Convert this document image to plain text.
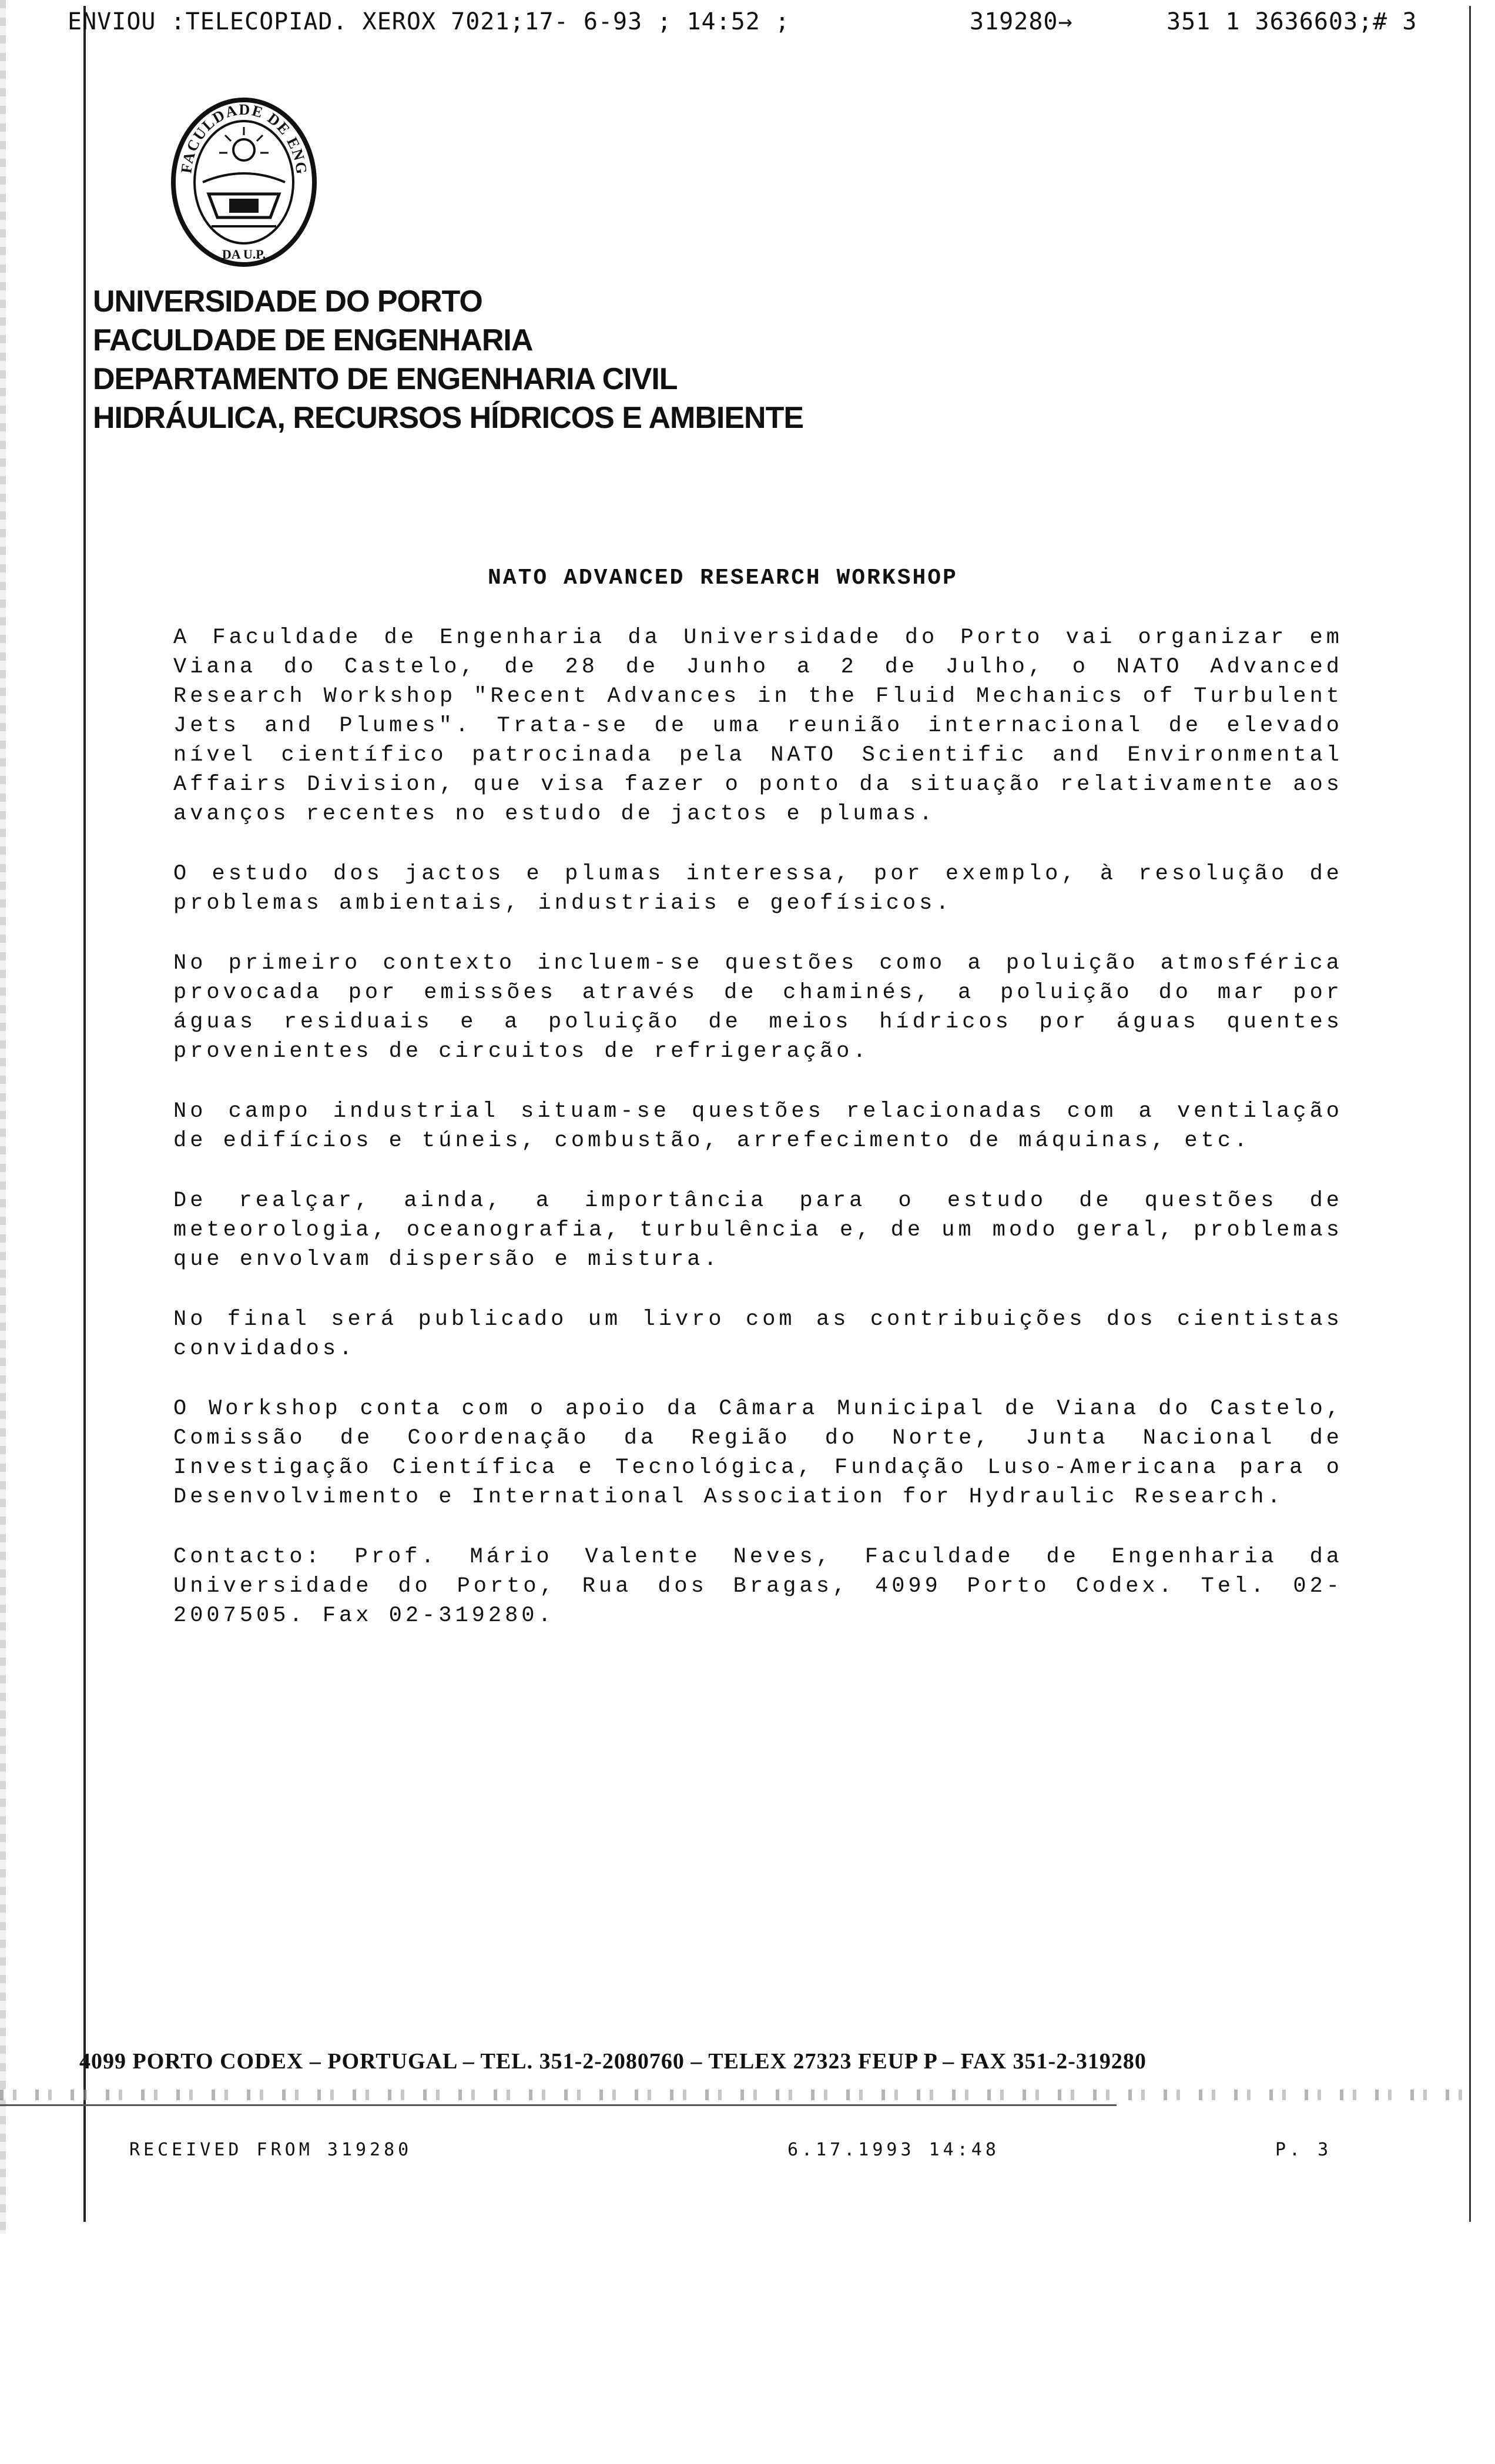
ENVIOU :TELECOPIAD. XEROX 7021;17- 6-93 ; 14:52 ;	319280→	351 1 3636603;# 3
FACULDADE DE ENG
DA U.P.
UNIVERSIDADE DO PORTO
FACULDADE DE ENGENHARIA
DEPARTAMENTO DE ENGENHARIA CIVIL
HIDRÁULICA, RECURSOS HÍDRICOS E AMBIENTE
NATO ADVANCED RESEARCH WORKSHOP

A Faculdade de Engenharia da Universidade do Porto vai organizar em Viana do Castelo, de 28 de Junho a 2 de Julho, o NATO Advanced Research Workshop "Recent Advances in the Fluid Mechanics of Turbulent Jets and Plumes". Trata-se de uma reunião internacional de elevado nível científico patrocinada pela NATO Scientific and Environmental Affairs Division, que visa fazer o ponto da situação relativamente aos avanços recentes no estudo de jactos e plumas.

O estudo dos jactos e plumas interessa, por exemplo, à resolução de problemas ambientais, industriais e geofísicos.

No primeiro contexto incluem-se questões como a poluição atmosférica provocada por emissões através de chaminés, a poluição do mar por águas residuais e a poluição de meios hídricos por águas quentes provenientes de circuitos de refrigeração.

No campo industrial situam-se questões relacionadas com a ventilação de edifícios e túneis, combustão, arrefecimento de máquinas, etc.

De realçar, ainda, a importância para o estudo de questões de meteorologia, oceanografia, turbulência e, de um modo geral, problemas que envolvam dispersão e mistura.

No final será publicado um livro com as contribuições dos cientistas convidados.

O Workshop conta com o apoio da Câmara Municipal de Viana do Castelo, Comissão de Coordenação da Região do Norte, Junta Nacional de Investigação Científica e Tecnológica, Fundação Luso-Americana para o Desenvolvimento e International Association for Hydraulic Research.

Contacto: Prof. Mário Valente Neves, Faculdade de Engenharia da Universidade do Porto, Rua dos Bragas, 4099 Porto Codex. Tel. 02-2007505. Fax 02-319280.

4099 PORTO CODEX – PORTUGAL – TEL. 351-2-2080760 – TELEX 27323 FEUP P – FAX 351-2-319280
RECEIVED FROM 319280	6.17.1993 14:48	P. 3
